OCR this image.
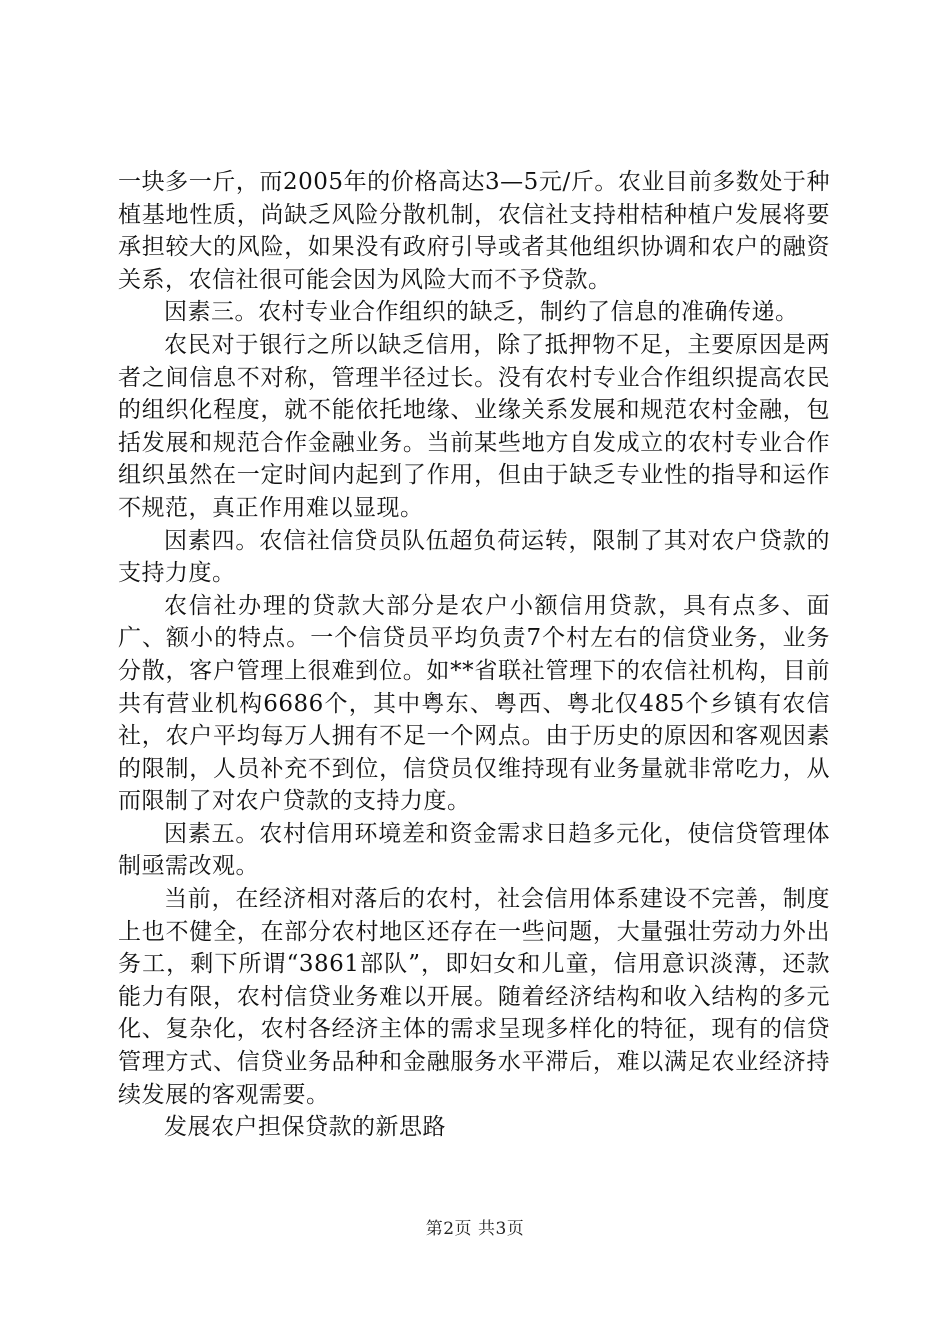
一块多一斤，而2005年的价格高达3—5元/斤。农业目前多数处于种植基地性质，尚缺乏风险分散机制，农信社支持柑桔种植户发展将要承担较大的风险，如果没有政府引导或者其他组织协调和农户的融资关系，农信社很可能会因为风险大而不予贷款。

因素三。农村专业合作组织的缺乏，制约了信息的准确传递。

农民对于银行之所以缺乏信用，除了抵押物不足，主要原因是两者之间信息不对称，管理半径过长。没有农村专业合作组织提高农民的组织化程度，就不能依托地缘、业缘关系发展和规范农村金融，包括发展和规范合作金融业务。当前某些地方自发成立的农村专业合作组织虽然在一定时间内起到了作用，但由于缺乏专业性的指导和运作不规范，真正作用难以显现。

因素四。农信社信贷员队伍超负荷运转，限制了其对农户贷款的支持力度。

农信社办理的贷款大部分是农户小额信用贷款，具有点多、面广、额小的特点。一个信贷员平均负责7个村左右的信贷业务，业务分散，客户管理上很难到位。如**省联社管理下的农信社机构，目前共有营业机构6686个，其中粤东、粤西、粤北仅485个乡镇有农信社，农户平均每万人拥有不足一个网点。由于历史的原因和客观因素的限制，人员补充不到位，信贷员仅维持现有业务量就非常吃力，从而限制了对农户贷款的支持力度。

因素五。农村信用环境差和资金需求日趋多元化，使信贷管理体制亟需改观。

当前，在经济相对落后的农村，社会信用体系建设不完善，制度上也不健全，在部分农村地区还存在一些问题，大量强壮劳动力外出务工，剩下所谓“3861部队”，即妇女和儿童，信用意识淡薄，还款能力有限，农村信贷业务难以开展。随着经济结构和收入结构的多元化、复杂化，农村各经济主体的需求呈现多样化的特征，现有的信贷管理方式、信贷业务品种和金融服务水平滞后，难以满足农业经济持续发展的客观需要。

发展农户担保贷款的新思路

第2页 共3页
